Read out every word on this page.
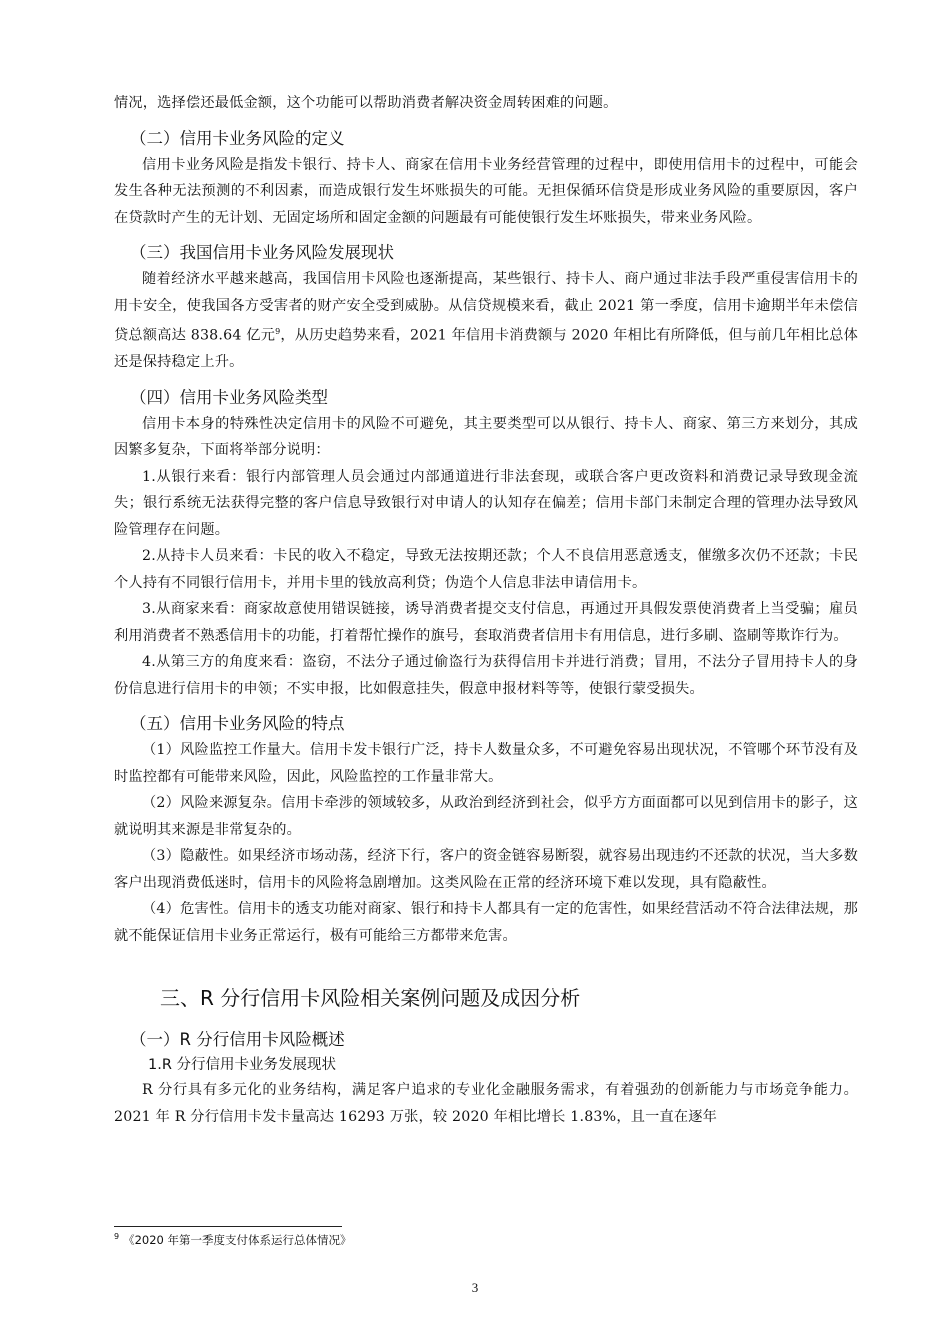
情况，选择偿还最低金额，这个功能可以帮助消费者解决资金周转困难的问题。

（二）信用卡业务风险的定义

信用卡业务风险是指发卡银行、持卡人、商家在信用卡业务经营管理的过程中，即使用信用卡的过程中，可能会发生各种无法预测的不利因素，而造成银行发生坏账损失的可能。无担保循环信贷是形成业务风险的重要原因，客户在贷款时产生的无计划、无固定场所和固定金额的问题最有可能使银行发生坏账损失，带来业务风险。

（三）我国信用卡业务风险发展现状

随着经济水平越来越高，我国信用卡风险也逐渐提高，某些银行、持卡人、商户通过非法手段严重侵害信用卡的用卡安全，使我国各方受害者的财产安全受到威胁。从信贷规模来看，截止 2021 第一季度，信用卡逾期半年未偿信贷总额高达 838.64 亿元$^9$，从历史趋势来看，2021 年信用卡消费额与 2020 年相比有所降低，但与前几年相比总体还是保持稳定上升。

（四）信用卡业务风险类型

信用卡本身的特殊性决定信用卡的风险不可避免，其主要类型可以从银行、持卡人、商家、第三方来划分，其成因繁多复杂，下面将举部分说明：

1.从银行来看：银行内部管理人员会通过内部通道进行非法套现，或联合客户更改资料和消费记录导致现金流失；银行系统无法获得完整的客户信息导致银行对申请人的认知存在偏差；信用卡部门未制定合理的管理办法导致风险管理存在问题。

2.从持卡人员来看：卡民的收入不稳定，导致无法按期还款；个人不良信用恶意透支，催缴多次仍不还款；卡民个人持有不同银行信用卡，并用卡里的钱放高利贷；伪造个人信息非法申请信用卡。

3.从商家来看：商家故意使用错误链接，诱导消费者提交支付信息，再通过开具假发票使消费者上当受骗；雇员利用消费者不熟悉信用卡的功能，打着帮忙操作的旗号，套取消费者信用卡有用信息，进行多刷、盗刷等欺诈行为。

4.从第三方的角度来看：盗窃，不法分子通过偷盗行为获得信用卡并进行消费；冒用，不法分子冒用持卡人的身份信息进行信用卡的申领；不实申报，比如假意挂失，假意申报材料等等，使银行蒙受损失。

（五）信用卡业务风险的特点

（1）风险监控工作量大。信用卡发卡银行广泛，持卡人数量众多，不可避免容易出现状况，不管哪个环节没有及时监控都有可能带来风险，因此，风险监控的工作量非常大。

（2）风险来源复杂。信用卡牵涉的领域较多，从政治到经济到社会，似乎方方面面都可以见到信用卡的影子，这就说明其来源是非常复杂的。

（3）隐蔽性。如果经济市场动荡，经济下行，客户的资金链容易断裂，就容易出现违约不还款的状况，当大多数客户出现消费低迷时，信用卡的风险将急剧增加。这类风险在正常的经济环境下难以发现，具有隐蔽性。

（4）危害性。信用卡的透支功能对商家、银行和持卡人都具有一定的危害性，如果经营活动不符合法律法规，那就不能保证信用卡业务正常运行，极有可能给三方都带来危害。

三、R 分行信用卡风险相关案例问题及成因分析
（一）R 分行信用卡风险概述
1.R 分行信用卡业务发展现状

R 分行具有多元化的业务结构，满足客户追求的专业化金融服务需求，有着强劲的创新能力与市场竞争能力。2021 年 R 分行信用卡发卡量高达 16293 万张，较 2020 年相比增长 1.83%，且一直在逐年

$^9$ 《2020 年第一季度支付体系运行总体情况》
3
